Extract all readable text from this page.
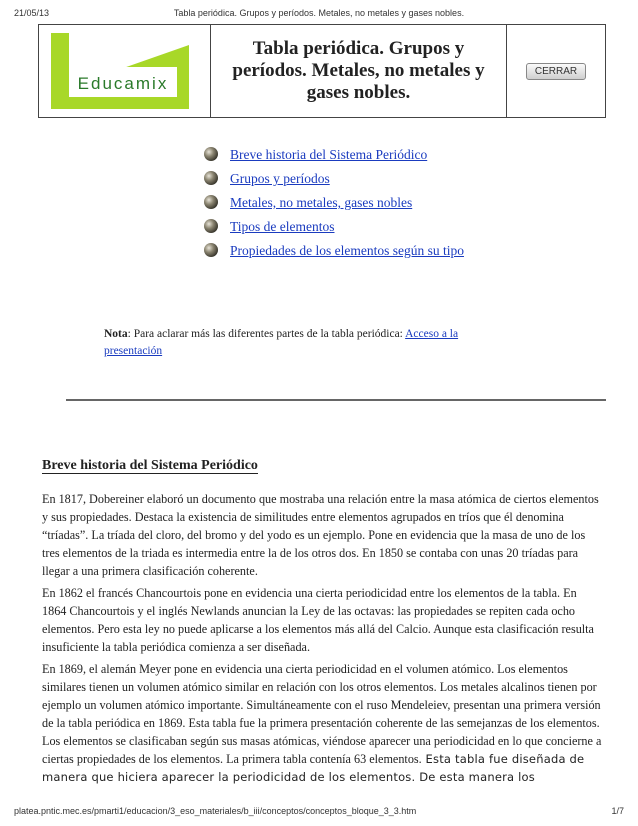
21/05/13	Tabla periódica. Grupos y períodos. Metales, no metales y gases nobles.
Educamix
Tabla periódica. Grupos y períodos. Metales, no metales y gases nobles.
CERRAR
Breve historia del Sistema Periódico
Grupos y períodos
Metales, no metales, gases nobles
Tipos de elementos
Propiedades de los elementos según su tipo
Nota: Para aclarar más las diferentes partes de la tabla periódica: Acceso a la presentación
Breve historia del Sistema Periódico
En 1817, Dobereiner elaboró un documento que mostraba una relación entre la masa atómica de ciertos elementos y sus propiedades. Destaca la existencia de similitudes entre elementos agrupados en tríos que él denomina “tríadas”. La tríada del cloro, del bromo y del yodo es un ejemplo. Pone en evidencia que la masa de uno de los tres elementos de la triada es intermedia entre la de los otros dos. En 1850 se contaba con unas 20 tríadas para llegar a una primera clasificación coherente.
En 1862 el francés Chancourtois pone en evidencia una cierta periodicidad entre los elementos de la tabla. En 1864 Chancourtois y el inglés Newlands anuncian la Ley de las octavas: las propiedades se repiten cada ocho elementos. Pero esta ley no puede aplicarse a los elementos más allá del Calcio. Aunque esta clasificación resulta insuficiente la tabla periódica comienza a ser diseñada.
En 1869, el alemán Meyer pone en evidencia una cierta periodicidad en el volumen atómico. Los elementos similares tienen un volumen atómico similar en relación con los otros elementos. Los metales alcalinos tienen por ejemplo un volumen atómico importante. Simultáneamente con el ruso Mendeleiev, presentan una primera versión de la tabla periódica en 1869. Esta tabla fue la primera presentación coherente de las semejanzas de los elementos. Los elementos se clasificaban según sus masas atómicas, viéndose aparecer una periodicidad en lo que concierne a ciertas propiedades de los elementos. La primera tabla contenía 63 elementos. Esta tabla fue diseñada de manera que hiciera aparecer la periodicidad de los elementos. De esta manera los
platea.pntic.mec.es/pmarti1/educacion/3_eso_materiales/b_iii/conceptos/conceptos_bloque_3_3.htm	1/7
